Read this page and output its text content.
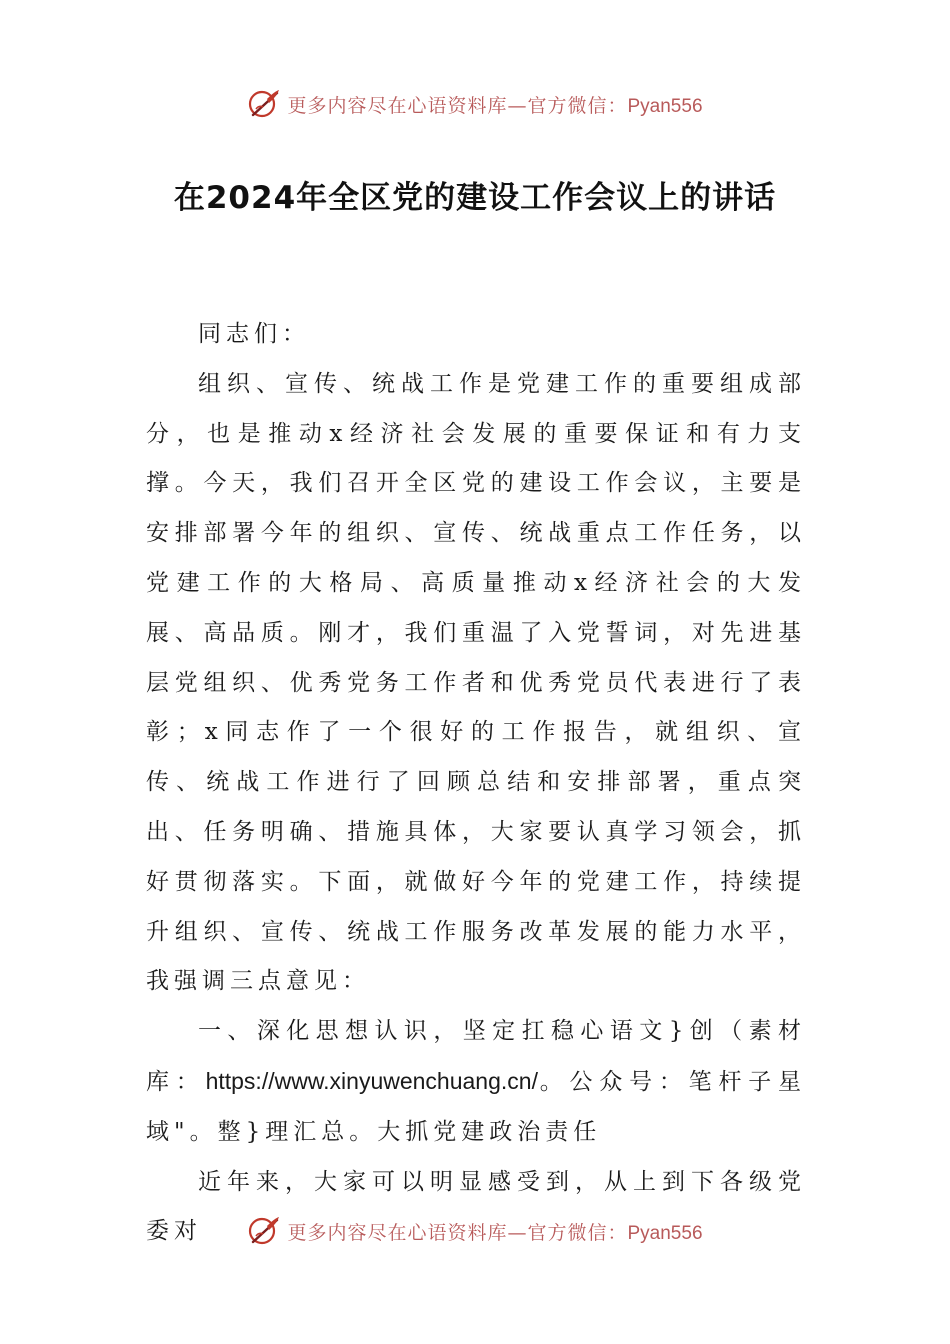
更多内容尽在心语资料库—官方微信：Pyan556
在2024年全区党的建设工作会议上的讲话

同志们：

组织、宣传、统战工作是党建工作的重要组成部分，也是推动x经济社会发展的重要保证和有力支撑。今天，我们召开全区党的建设工作会议，主要是安排部署今年的组织、宣传、统战重点工作任务，以党建工作的大格局、高质量推动x经济社会的大发展、高品质。刚才，我们重温了入党誓词，对先进基层党组织、优秀党务工作者和优秀党员代表进行了表彰；x同志作了一个很好的工作报告，就组织、宣传、统战工作进行了回顾总结和安排部署，重点突出、任务明确、措施具体，大家要认真学习领会，抓好贯彻落实。下面，就做好今年的党建工作，持续提升组织、宣传、统战工作服务改革发展的能力水平，我强调三点意见：

一、深化思想认识，坚定扛稳心语文}创（素材库：https://www.xinyuwenchuang.cn/。公众号：笔杆子星域"。整}理汇总。大抓党建政治责任

近年来，大家可以明显感受到，从上到下各级党委对	更多内容尽在心语资料库—官方微信：Pyan556
